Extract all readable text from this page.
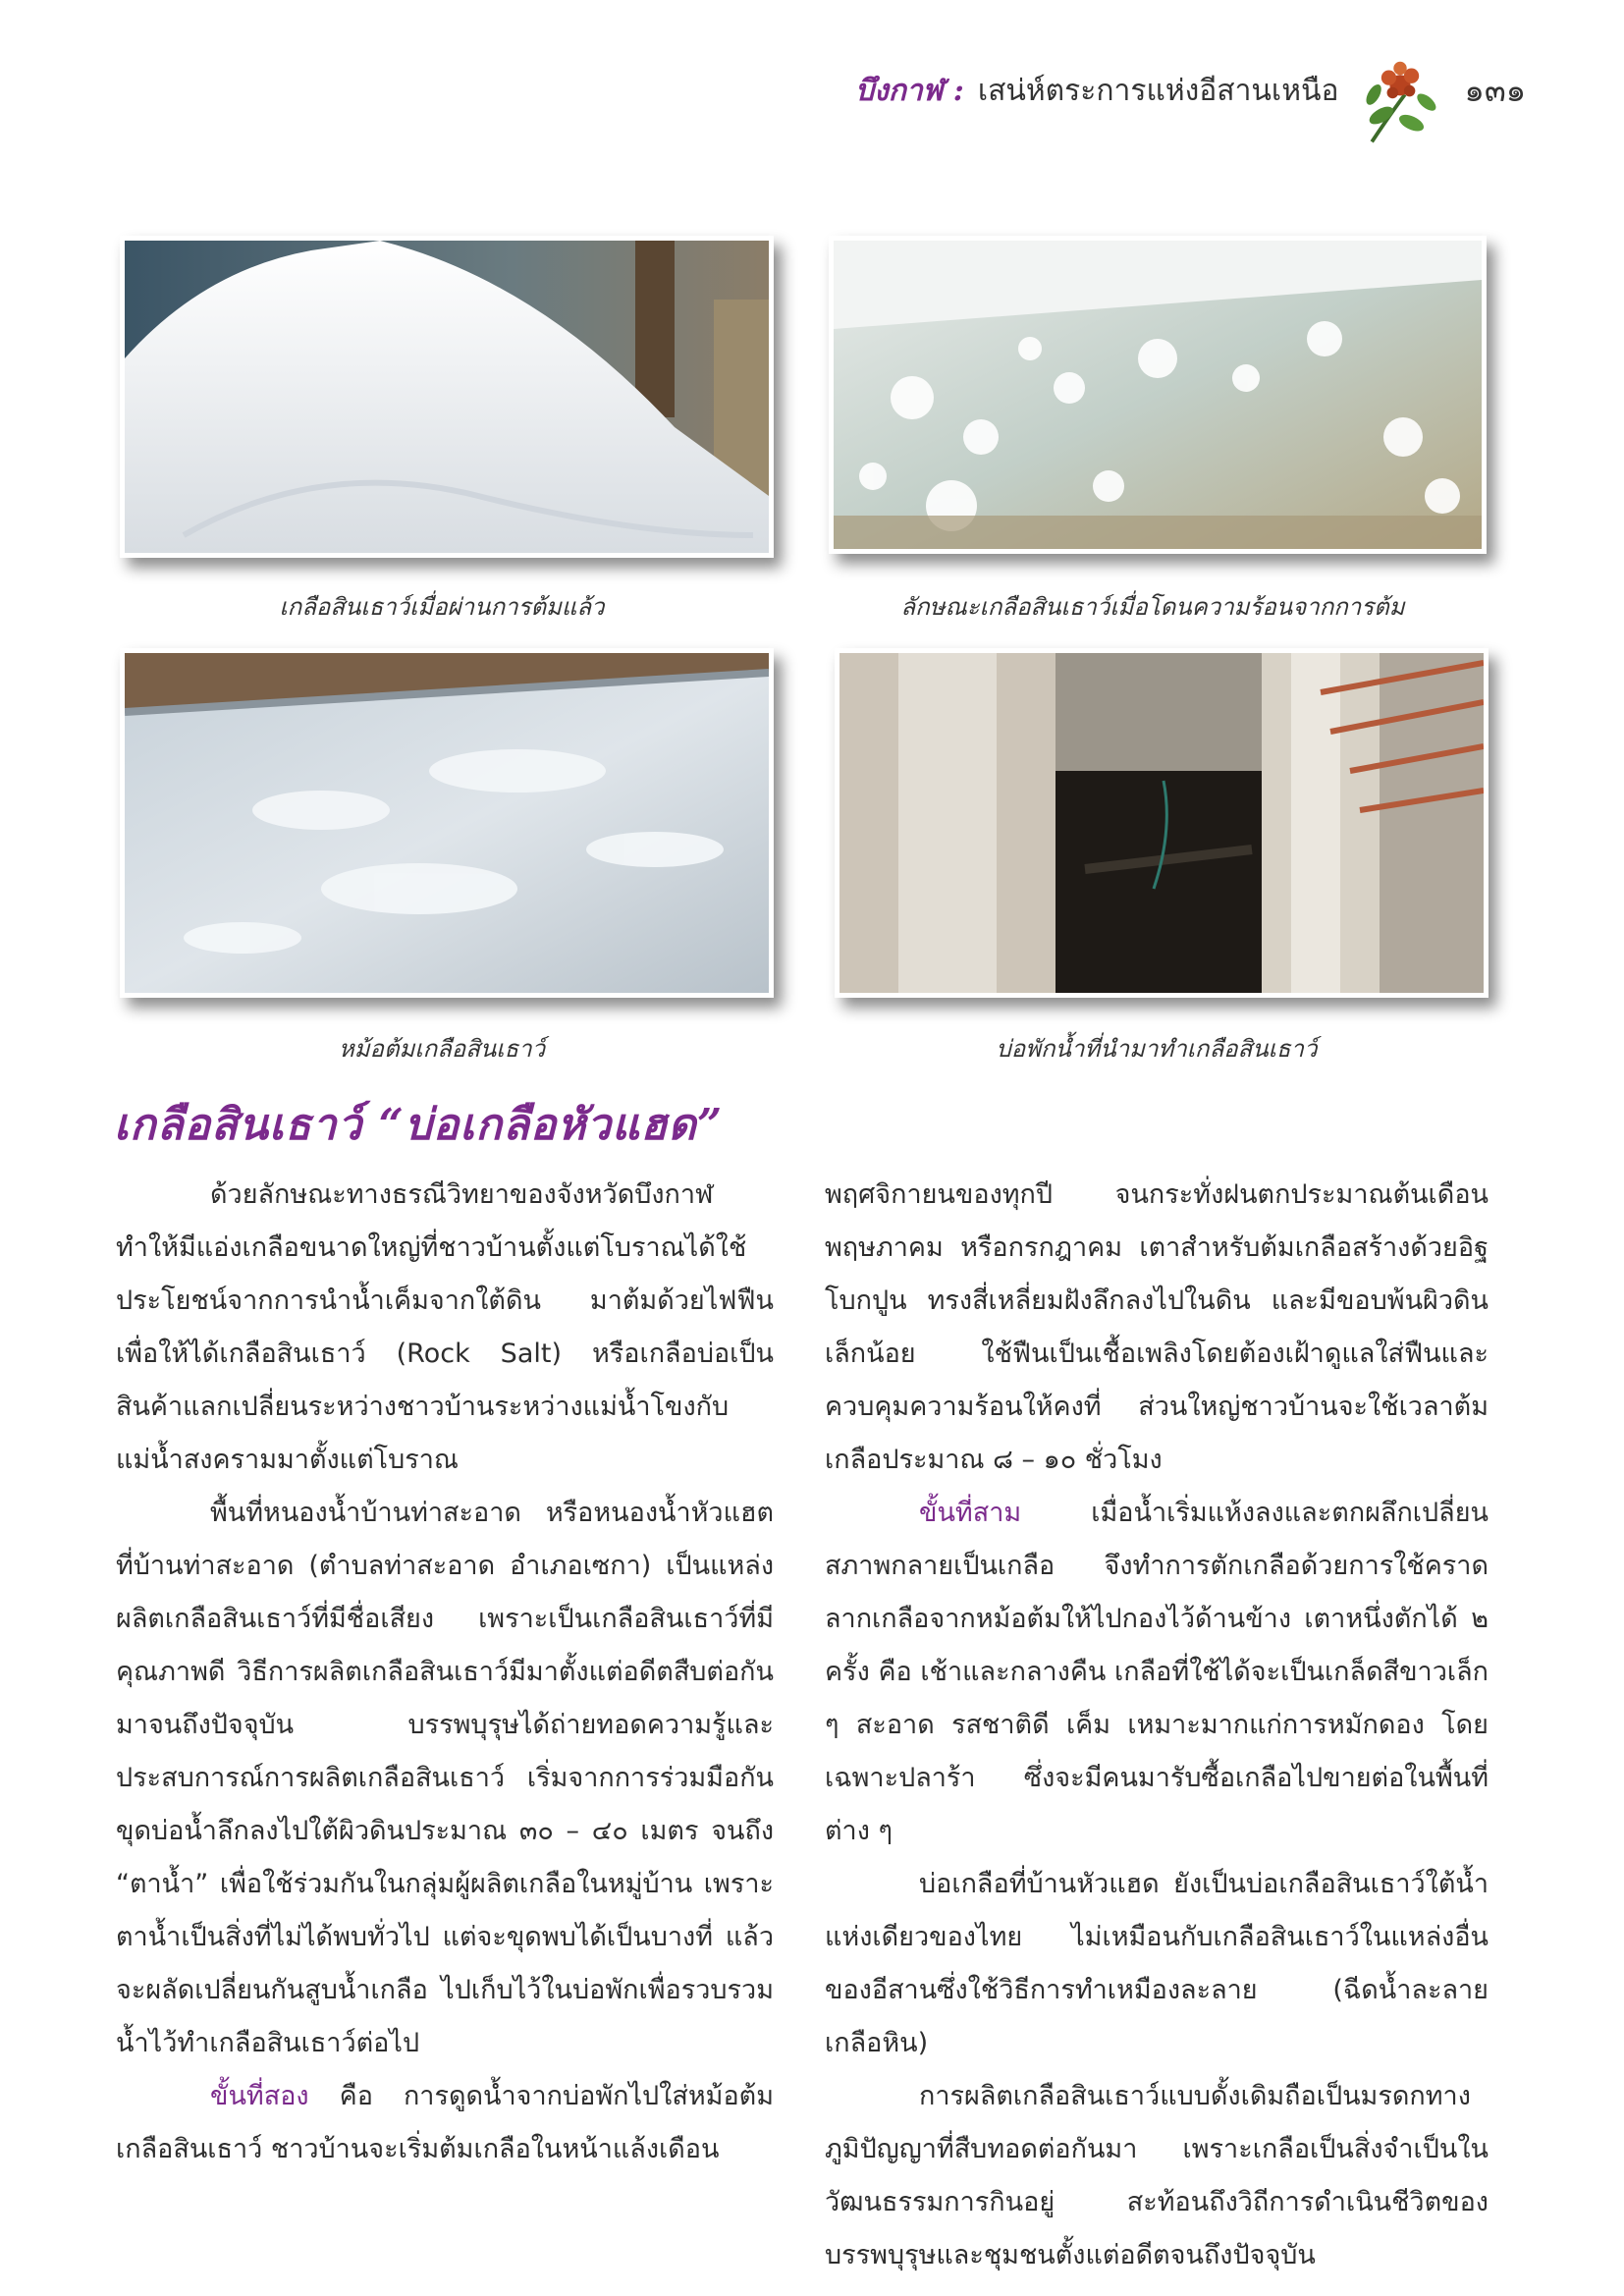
บึงกาฬ : เสน่ห์ตระการแห่งอีสานเหนือ	๑๓๑
เกลือสินเธาว์เมื่อผ่านการต้มแล้ว	ลักษณะเกลือสินเธาว์เมื่อโดนความร้อนจากการต้ม
หม้อต้มเกลือสินเธาว์	บ่อพักน้ำที่นำมาทำเกลือสินเธาว์
เกลือสินเธาว์ “บ่อเกลือหัวแฮด”

ด้วยลักษณะทางธรณีวิทยาของจังหวัดบึงกาฬ ทำให้มีแอ่งเกลือขนาดใหญ่ที่ชาวบ้านตั้งแต่โบราณได้ใช้ประโยชน์จากการนำน้ำเค็มจากใต้ดิน มาต้มด้วยไฟฟืนเพื่อให้ได้เกลือสินเธาว์ (Rock Salt) หรือเกลือบ่อเป็นสินค้าแลกเปลี่ยนระหว่างชาวบ้านระหว่างแม่น้ำโขงกับแม่น้ำสงครามมาตั้งแต่โบราณ

พื้นที่หนองน้ำบ้านท่าสะอาด หรือหนองน้ำหัวแฮต ที่บ้านท่าสะอาด (ตำบลท่าสะอาด อำเภอเซกา) เป็นแหล่งผลิตเกลือสินเธาว์ที่มีชื่อเสียง เพราะเป็นเกลือสินเธาว์ที่มีคุณภาพดี วิธีการผลิตเกลือสินเธาว์มีมาตั้งแต่อดีตสืบต่อกันมาจนถึงปัจจุบัน บรรพบุรุษได้ถ่ายทอดความรู้และประสบการณ์การผลิตเกลือสินเธาว์ เริ่มจากการร่วมมือกันขุดบ่อน้ำลึกลงไปใต้ผิวดินประมาณ ๓๐ – ๔๐ เมตร จนถึง “ตาน้ำ” เพื่อใช้ร่วมกันในกลุ่มผู้ผลิตเกลือในหมู่บ้าน เพราะตาน้ำเป็นสิ่งที่ไม่ได้พบทั่วไป แต่จะขุดพบได้เป็นบางที่ แล้วจะผลัดเปลี่ยนกันสูบน้ำเกลือ ไปเก็บไว้ในบ่อพักเพื่อรวบรวมน้ำไว้ทำเกลือสินเธาว์ต่อไป

ขั้นที่สอง คือ การดูดน้ำจากบ่อพักไปใส่หม้อต้มเกลือสินเธาว์ ชาวบ้านจะเริ่มต้มเกลือในหน้าแล้งเดือน

พฤศจิกายนของทุกปี จนกระทั่งฝนตกประมาณต้นเดือนพฤษภาคม หรือกรกฎาคม เตาสำหรับต้มเกลือสร้างด้วยอิฐโบกปูน ทรงสี่เหลี่ยมฝังลึกลงไปในดิน และมีขอบพ้นผิวดินเล็กน้อย ใช้ฟืนเป็นเชื้อเพลิงโดยต้องเฝ้าดูแลใส่ฟืนและควบคุมความร้อนให้คงที่ ส่วนใหญ่ชาวบ้านจะใช้เวลาต้มเกลือประมาณ ๘ – ๑๐ ชั่วโมง

ขั้นที่สาม เมื่อน้ำเริ่มแห้งลงและตกผลึกเปลี่ยนสภาพกลายเป็นเกลือ จึงทำการตักเกลือด้วยการใช้คราดลากเกลือจากหม้อต้มให้ไปกองไว้ด้านข้าง เตาหนึ่งตักได้ ๒ ครั้ง คือ เช้าและกลางคืน เกลือที่ใช้ได้จะเป็นเกล็ดสีขาวเล็ก ๆ สะอาด รสชาติดี เค็ม เหมาะมากแก่การหมักดอง โดยเฉพาะปลาร้า ซึ่งจะมีคนมารับซื้อเกลือไปขายต่อในพื้นที่ต่าง ๆ

บ่อเกลือที่บ้านหัวแฮด ยังเป็นบ่อเกลือสินเธาว์ใต้น้ำแห่งเดียวของไทย ไม่เหมือนกับเกลือสินเธาว์ในแหล่งอื่นของอีสานซึ่งใช้วิธีการทำเหมืองละลาย (ฉีดน้ำละลายเกลือหิน)

การผลิตเกลือสินเธาว์แบบดั้งเดิมถือเป็นมรดกทางภูมิปัญญาที่สืบทอดต่อกันมา เพราะเกลือเป็นสิ่งจำเป็นในวัฒนธรรมการกินอยู่ สะท้อนถึงวิถีการดำเนินชีวิตของบรรพบุรุษและชุมชนตั้งแต่อดีตจนถึงปัจจุบัน
